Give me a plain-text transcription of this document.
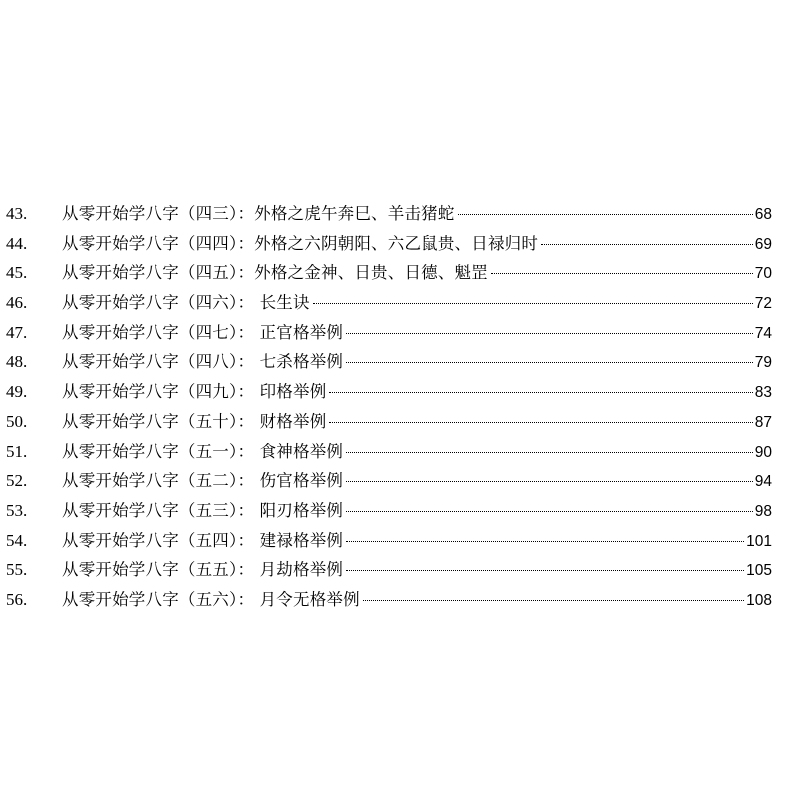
43. 从零开始学八字（四三）：外格之虎午奔巳、羊击猪蛇	68
44. 从零开始学八字（四四）：外格之六阴朝阳、六乙鼠贵、日禄归时	69
45. 从零开始学八字（四五）：外格之金神、日贵、日德、魁罡	70
46. 从零开始学八字（四六）： 长生诀	72
47. 从零开始学八字（四七）： 正官格举例	74
48. 从零开始学八字（四八）： 七杀格举例	79
49. 从零开始学八字（四九）： 印格举例	83
50. 从零开始学八字（五十）： 财格举例	87
51. 从零开始学八字（五一）： 食神格举例	90
52. 从零开始学八字（五二）： 伤官格举例	94
53. 从零开始学八字（五三）： 阳刃格举例	98
54. 从零开始学八字（五四）： 建禄格举例	101
55. 从零开始学八字（五五）： 月劫格举例	105
56. 从零开始学八字（五六）： 月令无格举例	108
